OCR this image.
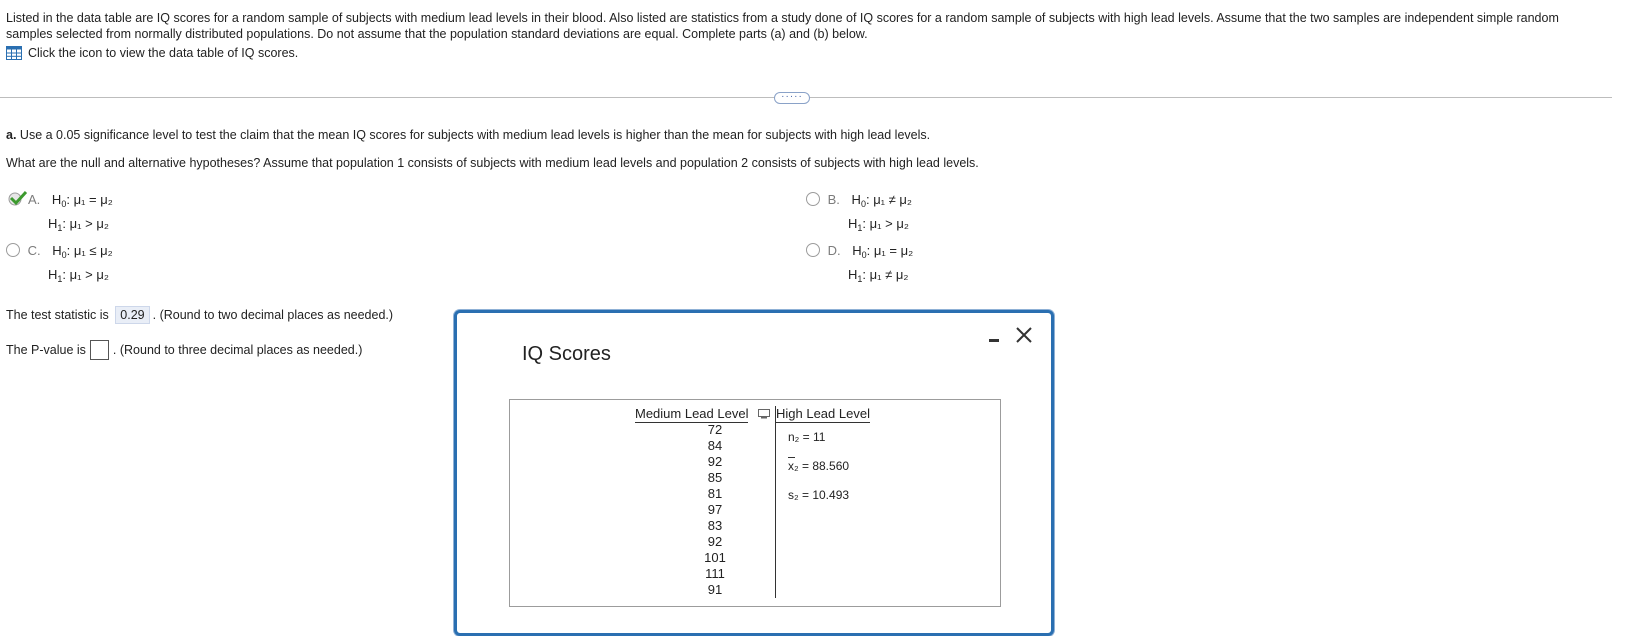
Listed in the data table are IQ scores for a random sample of subjects with medium lead levels in their blood. Also listed are statistics from a study done of IQ scores for a random sample of subjects with high lead levels. Assume that the two samples are independent simple random samples selected from normally distributed populations. Do not assume that the population standard deviations are equal. Complete parts (a) and (b) below.
Click the icon to view the data table of IQ scores.
·····
a. Use a 0.05 significance level to test the claim that the mean IQ scores for subjects with medium lead levels is higher than the mean for subjects with high lead levels.
What are the null and alternative hypotheses? Assume that population 1 consists of subjects with medium lead levels and population 2 consists of subjects with high lead levels.
A. $H_0$: μ₁ = μ₂
$H_1$: μ₁ > μ₂
B. $H_0$: μ₁ ≠ μ₂
$H_1$: μ₁ > μ₂
C. $H_0$: μ₁ ≤ μ₂
$H_1$: μ₁ > μ₂
D. $H_0$: μ₁ = μ₂
$H_1$: μ₁ ≠ μ₂
The test statistic is 0.29 . (Round to two decimal places as needed.)
The P-value is . (Round to three decimal places as needed.)	IQ Scores
Medium Lead Level High Lead Level
72
84
92
85
81
97
83
92
101
111
91
n₂ = 11
x₂ = 88.560
s₂ = 10.493
